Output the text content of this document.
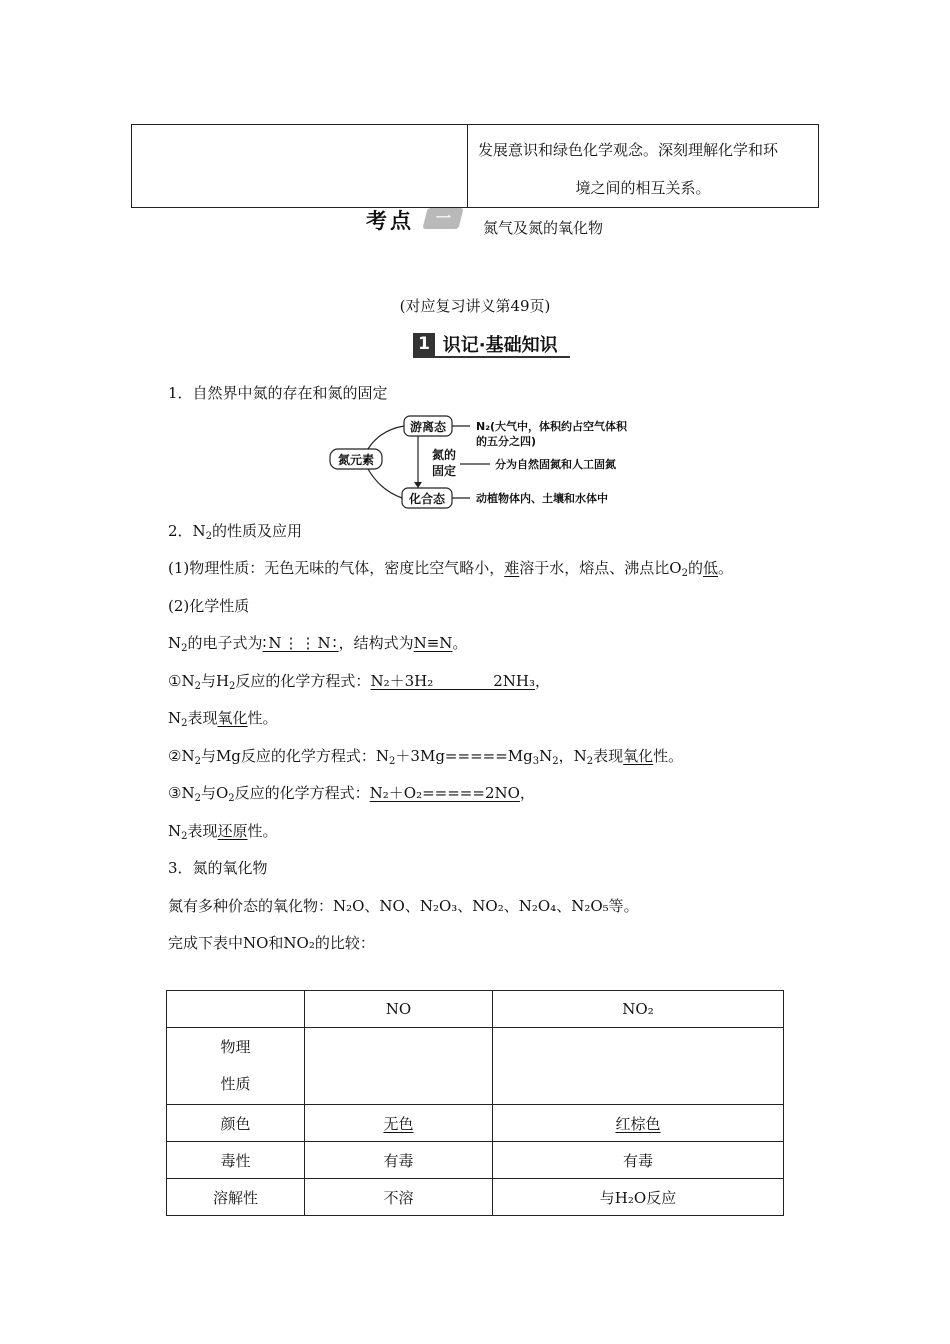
发展意识和绿色化学观念。深刻理解化学和环
境之间的相互关系。
考点	一
氮气及氮的氧化物
(对应复习讲义第49页)
1 识记·基础知识
1．自然界中氮的存在和氮的固定
氮元素
游离态
化合态
氮的
固定
N₂(大气中，体积约占空气体积
的五分之四)
分为自然固氮和人工固氮
动植物体内、土壤和水体中
2．$N_2$的性质及应用
(1)物理性质：无色无味的气体，密度比空气略小，难溶于水，熔点、沸点比$O_2$的低。
(2)化学性质
$N_2$的电子式为∶N⋮⋮N∶，结构式为N≡N。
$①N_2$与$H_2$反应的化学方程式：N₂＋3H₂　　　　2NH₃，
$N_2$表现氧化性。
$②N_2$与Mg反应的化学方程式：$N_2+3Mg=====Mg_3N_2$，$N_2$表现氧化性。
$③N_2$与$O_2$反应的化学方程式：N₂＋O₂=====2NO，
$N_2$表现还原性。
3．氮的氧化物
氮有多种价态的氧化物：N₂O、NO、N₂O₃、NO₂、N₂O₄、N₂O₅等。
完成下表中NO和NO₂的比较：
	NO	NO₂

物理
性质		

颜色	无色	红棕色
毒性	有毒	有毒
溶解性	不溶	与H₂O反应
